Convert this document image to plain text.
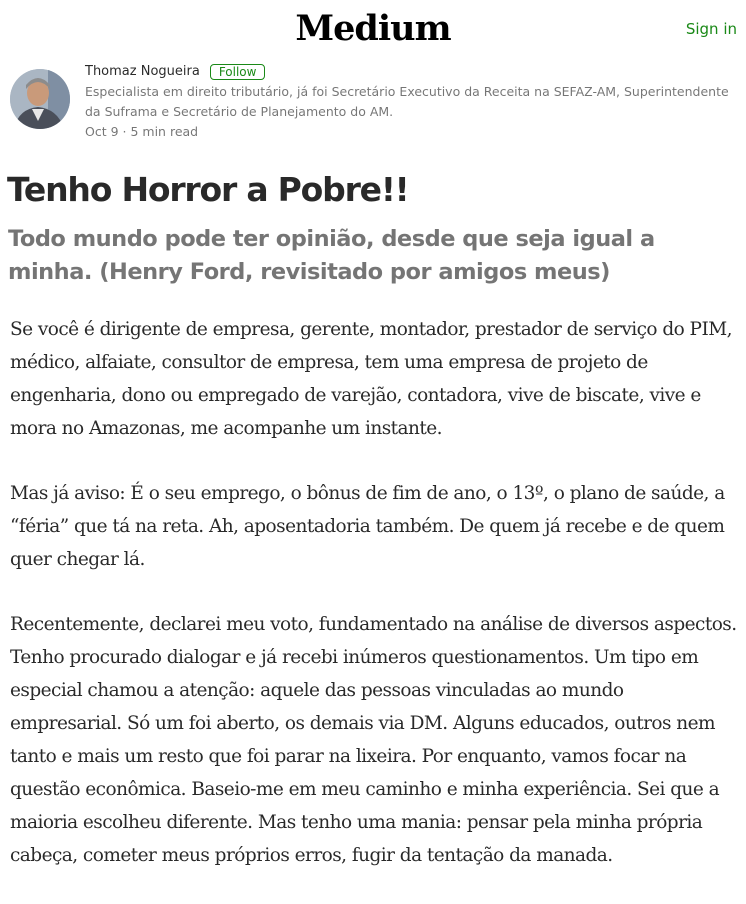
Medium	Sign in
Thomaz Nogueira	Follow
Especialista em direito tributário, já foi Secretário Executivo da Receita na SEFAZ-AM, Superintendente da Suframa e Secretário de Planejamento do AM.
Oct 9 · 5 min read
Tenho Horror a Pobre!!
Todo mundo pode ter opinião, desde que seja igual a minha. (Henry Ford, revisitado por amigos meus)

Se você é dirigente de empresa, gerente, montador, prestador de serviço do PIM, médico, alfaiate, consultor de empresa, tem uma empresa de projeto de engenharia, dono ou empregado de varejão, contadora, vive de biscate, vive e mora no Amazonas, me acompanhe um instante.

Mas já aviso: É o seu emprego, o bônus de fim de ano, o 13º, o plano de saúde, a “féria” que tá na reta. Ah, aposentadoria também. De quem já recebe e de quem quer chegar lá.

Recentemente, declarei meu voto, fundamentado na análise de diversos aspectos. Tenho procurado dialogar e já recebi inúmeros questionamentos. Um tipo em especial chamou a atenção: aquele das pessoas vinculadas ao mundo empresarial. Só um foi aberto, os demais via DM. Alguns educados, outros nem tanto e mais um resto que foi parar na lixeira. Por enquanto, vamos focar na questão econômica. Baseio-me em meu caminho e minha experiência. Sei que a maioria escolheu diferente. Mas tenho uma mania: pensar pela minha própria cabeça, cometer meus próprios erros, fugir da tentação da manada.
